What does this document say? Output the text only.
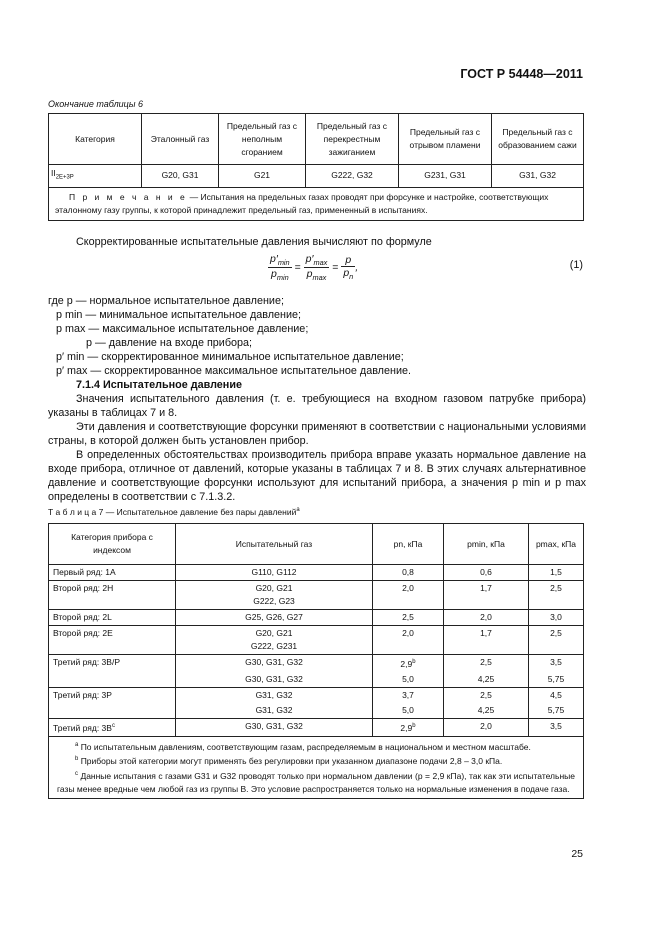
ГОСТ Р 54448—2011
Окончание таблицы 6
Категория	Эталонный газ	Предельный газ с неполным сгоранием	Предельный газ с перекрестным зажиганием	Предельный газ с отрывом пламени	Предельный газ с образованием сажи
$II_{2Е+3Р}$	G20, G31	G21	G222, G32	G231, G31	G31, G32
П р и м е ч а н и е — Испытания на предельных газах проводят при форсунке и настройке, соответствующих эталонному газу группы, к которой принадлежит предельный газ, примененный в испытаниях.					
Скорректированные испытательные давления вычисляют по формуле
$\frac{p'_{min}}{p_{min}} = \frac{p'_{max}}{p_{max}} = \frac{p}{p_n}$ ,	(1)
где p — нормальное испытательное давление;
p min — минимальное испытательное давление;
p max — максимальное испытательное давление;
p — давление на входе прибора;
p′ min — скорректированное минимальное испытательное давление;
p′ max — скорректированное максимальное испытательное давление.
7.1.4 Испытательное давление
Значения испытательного давления (т. е. требующиеся на входном газовом патрубке прибора) указаны в таблицах 7 и 8.
Эти давления и соответствующие форсунки применяют в соответствии с национальными условиями страны, в которой должен быть установлен прибор.
В определенных обстоятельствах производитель прибора вправе указать нормальное давление на входе прибора, отличное от давлений, которые указаны в таблицах 7 и 8. В этих случаях альтернативное давление и соответствующие форсунки используют для испытаний прибора, а значения p min и p max определены в соответствии с 7.1.3.2.
Т а б л и ц а 7 — Испытательное давление без пары давлений$^a$
Категория прибора с индексом	Испытательный газ	pn, кПа	pmin, кПа	pmax, кПа
Первый ряд: 1А	G110, G112	0,8	0,6	1,5
Второй ряд: 2Н	G20, G21
G222, G23	2,0	1,7	2,5
Второй ряд: 2L	G25, G26, G27	2,5	2,0	3,0
Второй ряд: 2Е	G20, G21
G222, G231	2,0	1,7	2,5
Третий ряд: 3В/Р	G30, G31, G32	2,9$^b$	2,5	3,5
	G30, G31, G32	5,0	4,25	5,75
Третий ряд: 3Р	G31, G32	3,7	2,5	4,5
	G31, G32	5,0	4,25	5,75
Третий ряд: $3В^c$	G30, G31, G32	2,9$^b$	2,0	3,5

$^a$ По испытательным давлениям, соответствующим газам, распределяемым в национальном и местном масштабе.
$^b$ Приборы этой категории могут применять без регулировки при указанном диапазоне подачи 2,8 – 3,0 кПа.
$^c$ Данные испытания с газами G31 и G32 проводят только при нормальном давлении (p = 2,9 кПа), так как эти испытательные газы менее вредные чем любой газ из группы В. Это условие распространяется только на нормальные изменения в подаче газа.				
25
